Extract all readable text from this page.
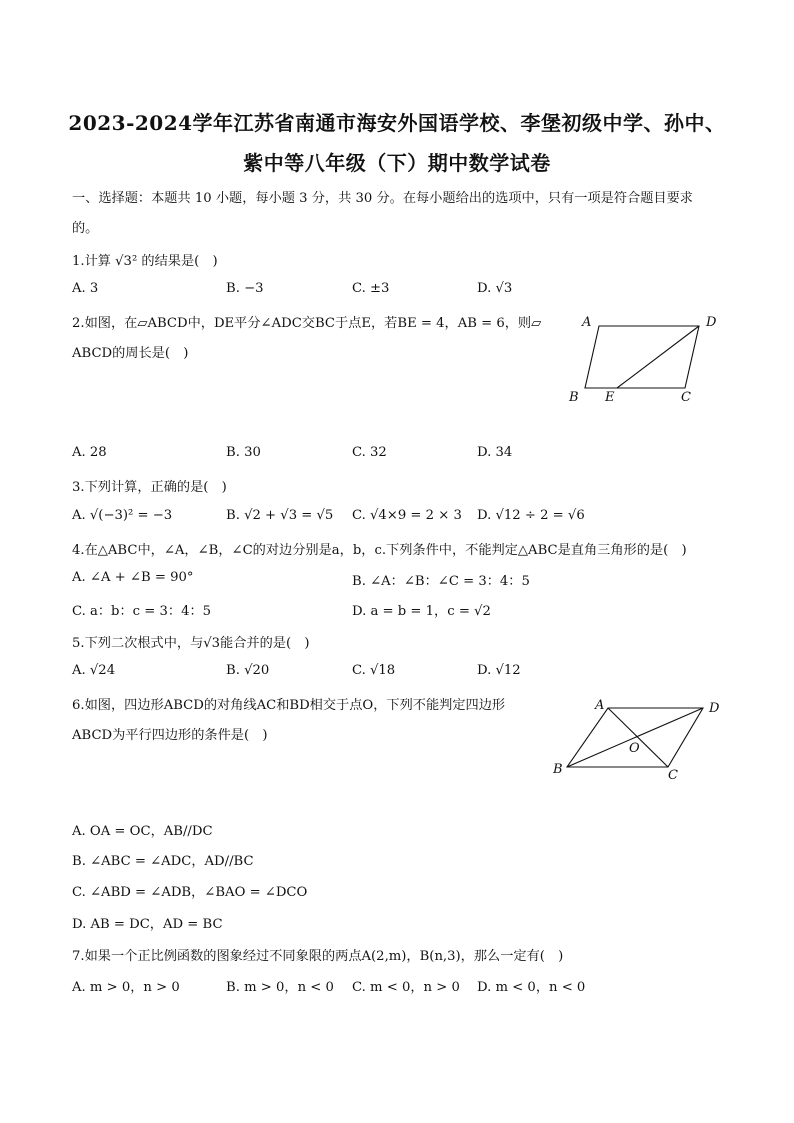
2023-2024学年江苏省南通市海安外国语学校、李堡初级中学、孙中、
紫中等八年级（下）期中数学试卷
一、选择题：本题共 10 小题，每小题 3 分，共 30 分。在每小题给出的选项中，只有一项是符合题目要求
的。
1.计算 √3² 的结果是(　)
A. 3	B. −3	C. ±3	D. √3
2.如图，在▱ABCD中，DE平分∠ADC交BC于点E，若BE = 4，AB = 6，则▱
ABCD的周长是(　)
A	D
B E	C
A. 28	B. 30	C. 32	D. 34
3.下列计算，正确的是(　)
A. √(−3)² = −3	B. √2 + √3 = √5 C. √4×9 = 2 × 3 D. √12 ÷ 2 = √6
4.在△ABC中，∠A，∠B，∠C的对边分别是a，b，c.下列条件中，不能判定△ABC是直角三角形的是(　)
A. ∠A + ∠B = 90°	B. ∠A：∠B：∠C = 3：4：5
C. a：b：c = 3：4：5	D. a = b = 1，c = √2
5.下列二次根式中，与√3能合并的是(　)
A. √24	B. √20	C. √18	D. √12
6.如图，四边形ABCD的对角线AC和BD相交于点O，下列不能判定四边形
ABCD为平行四边形的条件是(　)
A	D
O
B	C
A. OA = OC，AB//DC
B. ∠ABC = ∠ADC，AD//BC
C. ∠ABD = ∠ADB，∠BAO = ∠DCO
D. AB = DC，AD = BC
7.如果一个正比例函数的图象经过不同象限的两点A(2,m)，B(n,3)，那么一定有(　)
A. m > 0，n > 0	B. m > 0，n < 0 C. m < 0，n > 0 D. m < 0，n < 0
